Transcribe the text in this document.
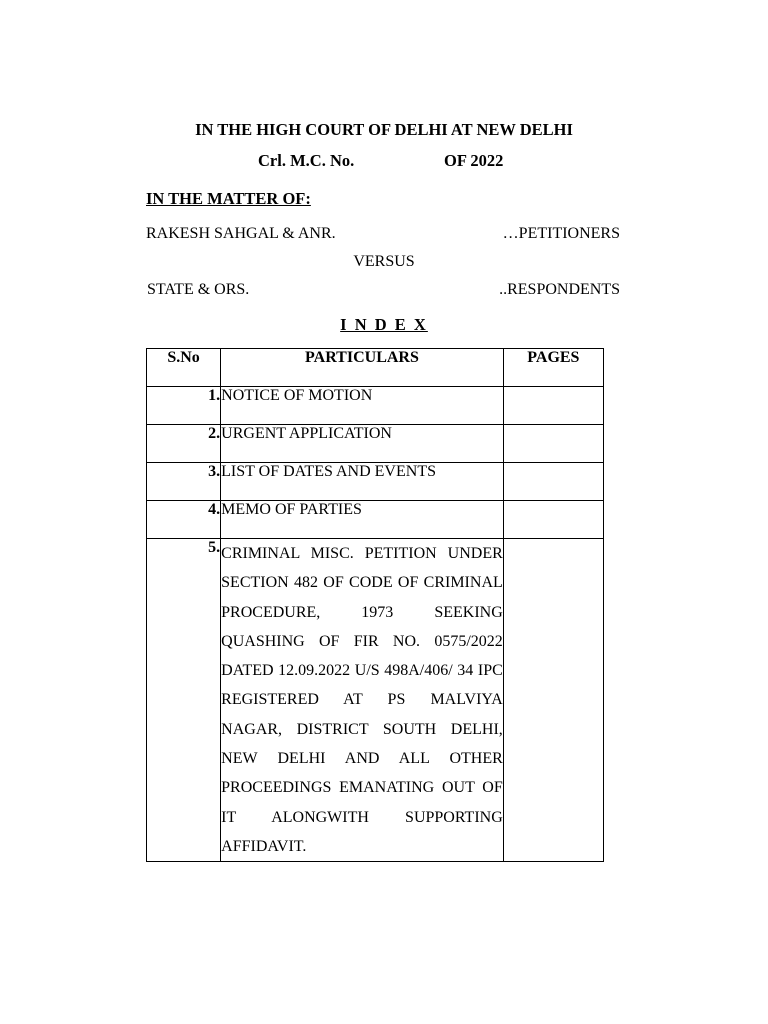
IN THE HIGH COURT OF DELHI AT NEW DELHI
Crl. M.C. No.	OF 2022
IN THE MATTER OF:
RAKESH SAHGAL & ANR.	…PETITIONERS
VERSUS
STATE & ORS.	..RESPONDENTS
I N D E X
S.No	PARTICULARS	PAGES
1.	NOTICE OF MOTION	
2.	URGENT APPLICATION	
3.	LIST OF DATES AND EVENTS	
4.	MEMO OF PARTIES	
5.	CRIMINAL MISC. PETITION UNDER SECTION 482 OF CODE OF CRIMINAL PROCEDURE, 1973 SEEKING QUASHING OF FIR NO. 0575/2022 DATED 12.09.2022 U/S 498A/406/ 34 IPC REGISTERED AT PS MALVIYA NAGAR, DISTRICT SOUTH DELHI, NEW DELHI AND ALL OTHER PROCEEDINGS EMANATING OUT OF IT ALONGWITH SUPPORTING AFFIDAVIT.	
